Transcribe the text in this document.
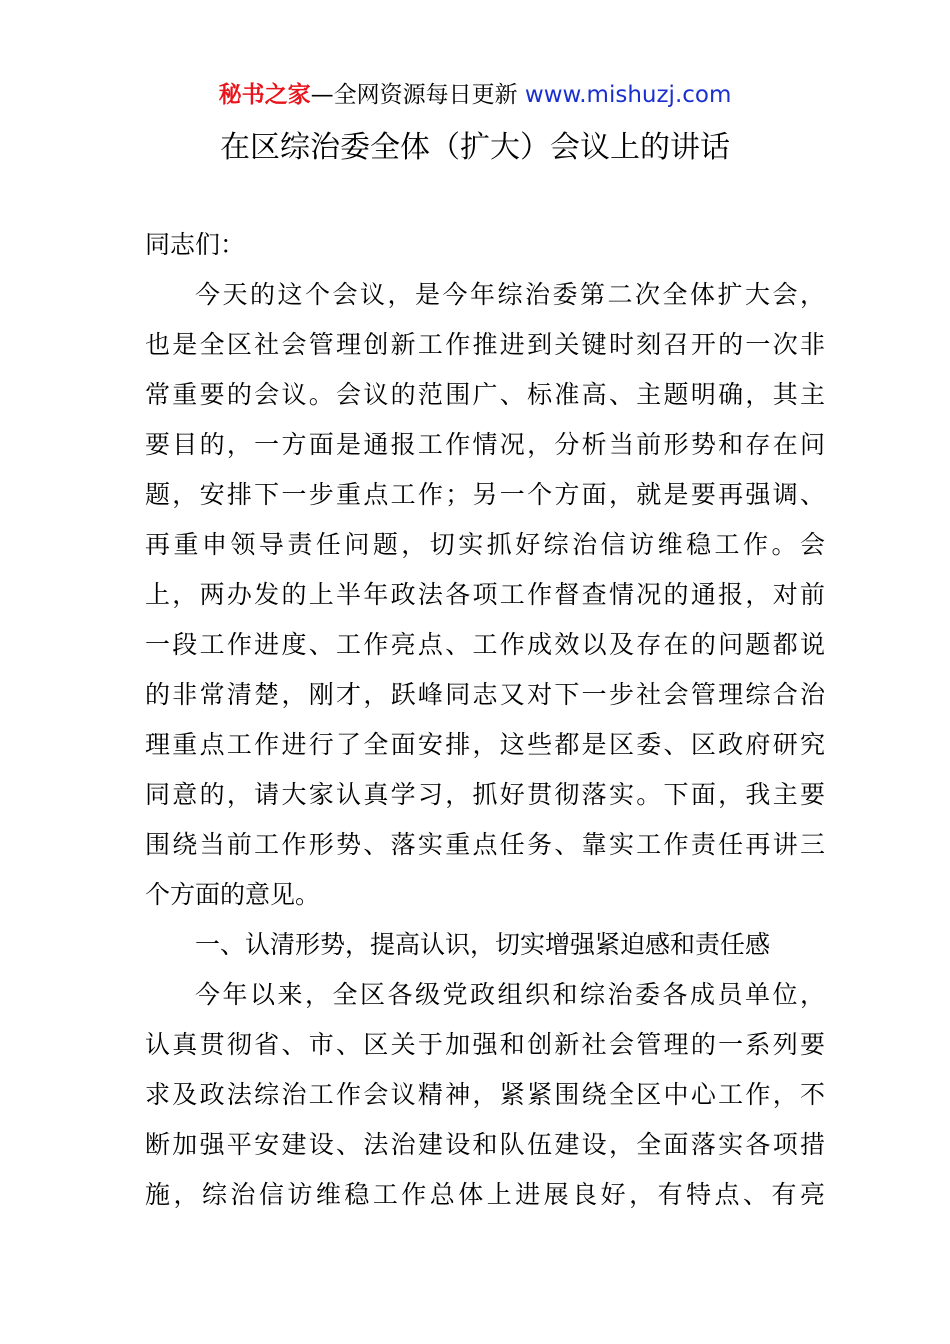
秘书之家—全网资源每日更新 www.mishuzj.com
在区综治委全体（扩大）会议上的讲话
同志们：
今天的这个会议，是今年综治委第二次全体扩大会，
也是全区社会管理创新工作推进到关键时刻召开的一次非
常重要的会议。会议的范围广、标准高、主题明确，其主
要目的，一方面是通报工作情况，分析当前形势和存在问
题，安排下一步重点工作；另一个方面，就是要再强调、
再重申领导责任问题，切实抓好综治信访维稳工作。会
上，两办发的上半年政法各项工作督查情况的通报，对前
一段工作进度、工作亮点、工作成效以及存在的问题都说
的非常清楚，刚才，跃峰同志又对下一步社会管理综合治
理重点工作进行了全面安排，这些都是区委、区政府研究
同意的，请大家认真学习，抓好贯彻落实。下面，我主要
围绕当前工作形势、落实重点任务、靠实工作责任再讲三
个方面的意见。
一、认清形势，提高认识，切实增强紧迫感和责任感
今年以来，全区各级党政组织和综治委各成员单位，
认真贯彻省、市、区关于加强和创新社会管理的一系列要
求及政法综治工作会议精神，紧紧围绕全区中心工作，不
断加强平安建设、法治建设和队伍建设，全面落实各项措
施，综治信访维稳工作总体上进展良好，有特点、有亮
